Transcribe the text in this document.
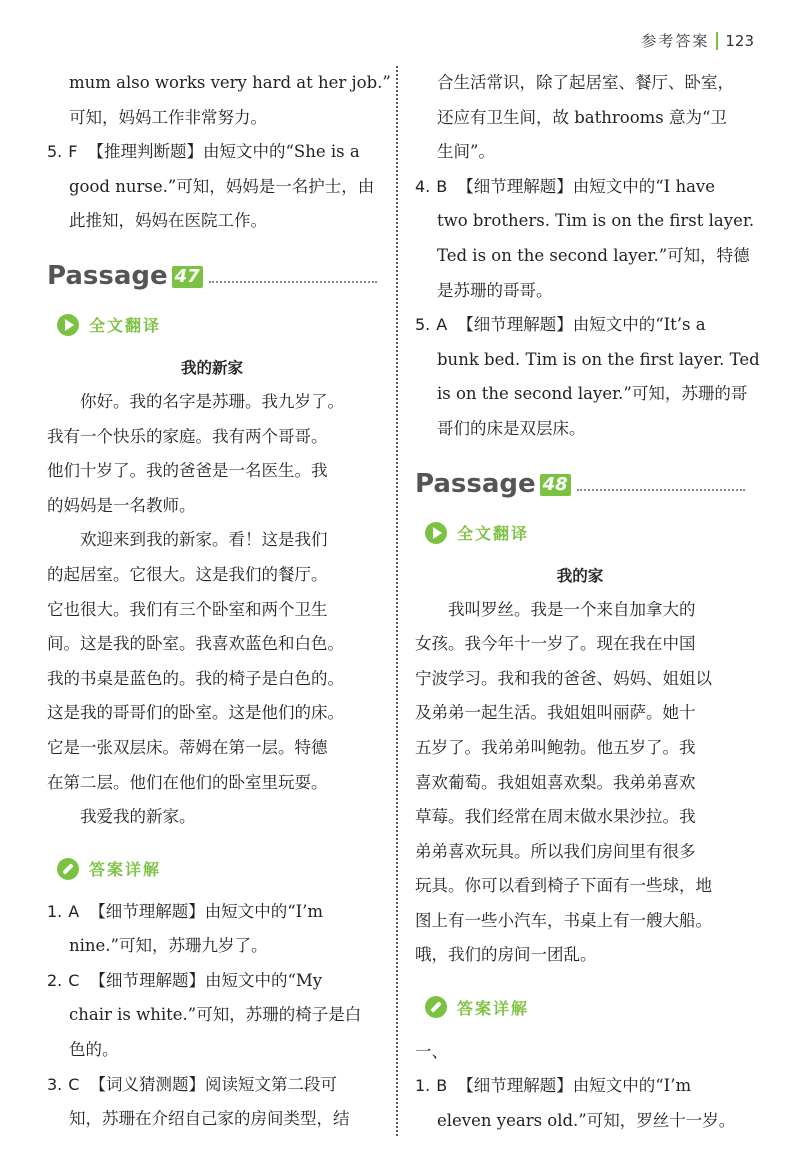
参考答案 123
mum also works very hard at her job.”
可知，妈妈工作非常努力。
5. F 【推理判断题】由短文中的“She is a
good nurse.”可知，妈妈是一名护士，由
此推知，妈妈在医院工作。
Passage 47
全文翻译
我的新家
你好。我的名字是苏珊。我九岁了。
我有一个快乐的家庭。我有两个哥哥。
他们十岁了。我的爸爸是一名医生。我
的妈妈是一名教师。
欢迎来到我的新家。看！这是我们
的起居室。它很大。这是我们的餐厅。
它也很大。我们有三个卧室和两个卫生
间。这是我的卧室。我喜欢蓝色和白色。
我的书桌是蓝色的。我的椅子是白色的。
这是我的哥哥们的卧室。这是他们的床。
它是一张双层床。蒂姆在第一层。特德
在第二层。他们在他们的卧室里玩耍。
我爱我的新家。
答案详解
1. A 【细节理解题】由短文中的“I’m
nine.”可知，苏珊九岁了。
2. C 【细节理解题】由短文中的“My
chair is white.”可知，苏珊的椅子是白
色的。
3. C 【词义猜测题】阅读短文第二段可
知，苏珊在介绍自己家的房间类型，结
合生活常识，除了起居室、餐厅、卧室，
还应有卫生间，故 bathrooms 意为“卫
生间”。
4. B 【细节理解题】由短文中的“I have
two brothers. Tim is on the first layer.
Ted is on the second layer.”可知，特德
是苏珊的哥哥。
5. A 【细节理解题】由短文中的“It’s a
bunk bed. Tim is on the first layer. Ted
is on the second layer.”可知，苏珊的哥
哥们的床是双层床。
Passage 48
全文翻译
我的家
我叫罗丝。我是一个来自加拿大的
女孩。我今年十一岁了。现在我在中国
宁波学习。我和我的爸爸、妈妈、姐姐以
及弟弟一起生活。我姐姐叫丽萨。她十
五岁了。我弟弟叫鲍勃。他五岁了。我
喜欢葡萄。我姐姐喜欢梨。我弟弟喜欢
草莓。我们经常在周末做水果沙拉。我
弟弟喜欢玩具。所以我们房间里有很多
玩具。你可以看到椅子下面有一些球，地
图上有一些小汽车，书桌上有一艘大船。
哦，我们的房间一团乱。
答案详解
一、
1. B 【细节理解题】由短文中的“I’m
eleven years old.”可知，罗丝十一岁。
